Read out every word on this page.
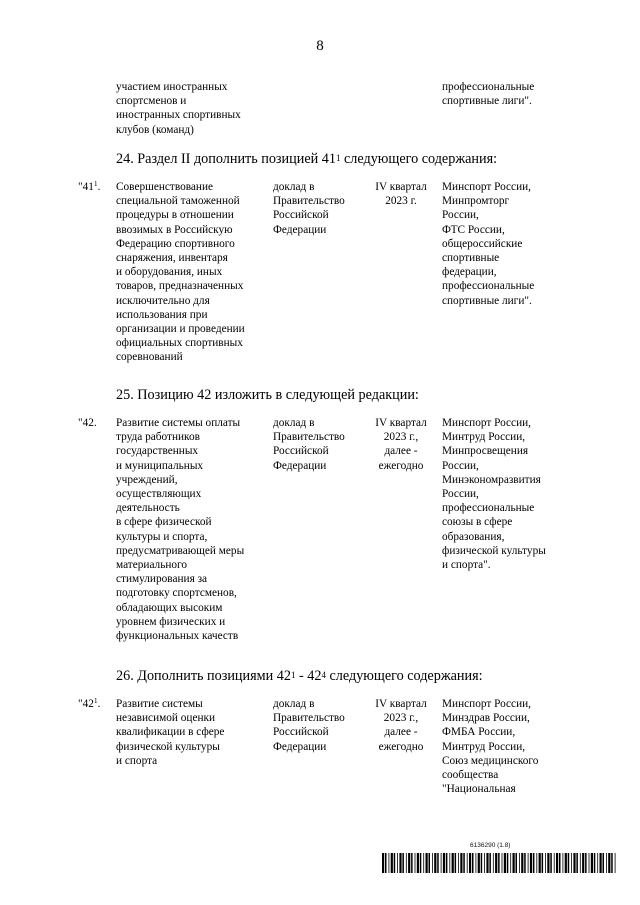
8
участием иностранных
спортсменов и
иностранных спортивных
клубов (команд)
профессиональные
спортивные лиги".
24. Раздел II дополнить позицией $41^1$ следующего содержания:
"$41^1$. Совершенствование
специальной таможенной
процедуры в отношении
ввозимых в Российскую
Федерацию спортивного
снаряжения, инвентаря
и оборудования, иных
товаров, предназначенных
исключительно для
использования при
организации и проведении
официальных спортивных
соревнований
доклад в
Правительство
Российской
Федерации
IV квартал
2023 г.
Минспорт России,
Минпромторг
России,
ФТС России,
общероссийские
спортивные
федерации,
профессиональные
спортивные лиги".
25. Позицию 42 изложить в следующей редакции:
"42. Развитие системы оплаты
труда работников
государственных
и муниципальных
учреждений,
осуществляющих
деятельность
в сфере физической
культуры и спорта,
предусматривающей меры
материального
стимулирования за
подготовку спортсменов,
обладающих высоким
уровнем физических и
функциональных качеств
доклад в
Правительство
Российской
Федерации
IV квартал
2023 г.,
далее -
ежегодно
Минспорт России,
Минтруд России,
Минпросвещения
России,
Минэкономразвития
России,
профессиональные
союзы в сфере
образования,
физической культуры
и спорта".
26. Дополнить позициями $42^1 - 42^4$ следующего содержания:
"$42^1$. Развитие системы
независимой оценки
квалификации в сфере
физической культуры
и спорта
доклад в
Правительство
Российской
Федерации
IV квартал
2023 г.,
далее -
ежегодно
Минспорт России,
Минздрав России,
ФМБА России,
Минтруд России,
Союз медицинского
сообщества
"Национальная
6136290 (1.8)
